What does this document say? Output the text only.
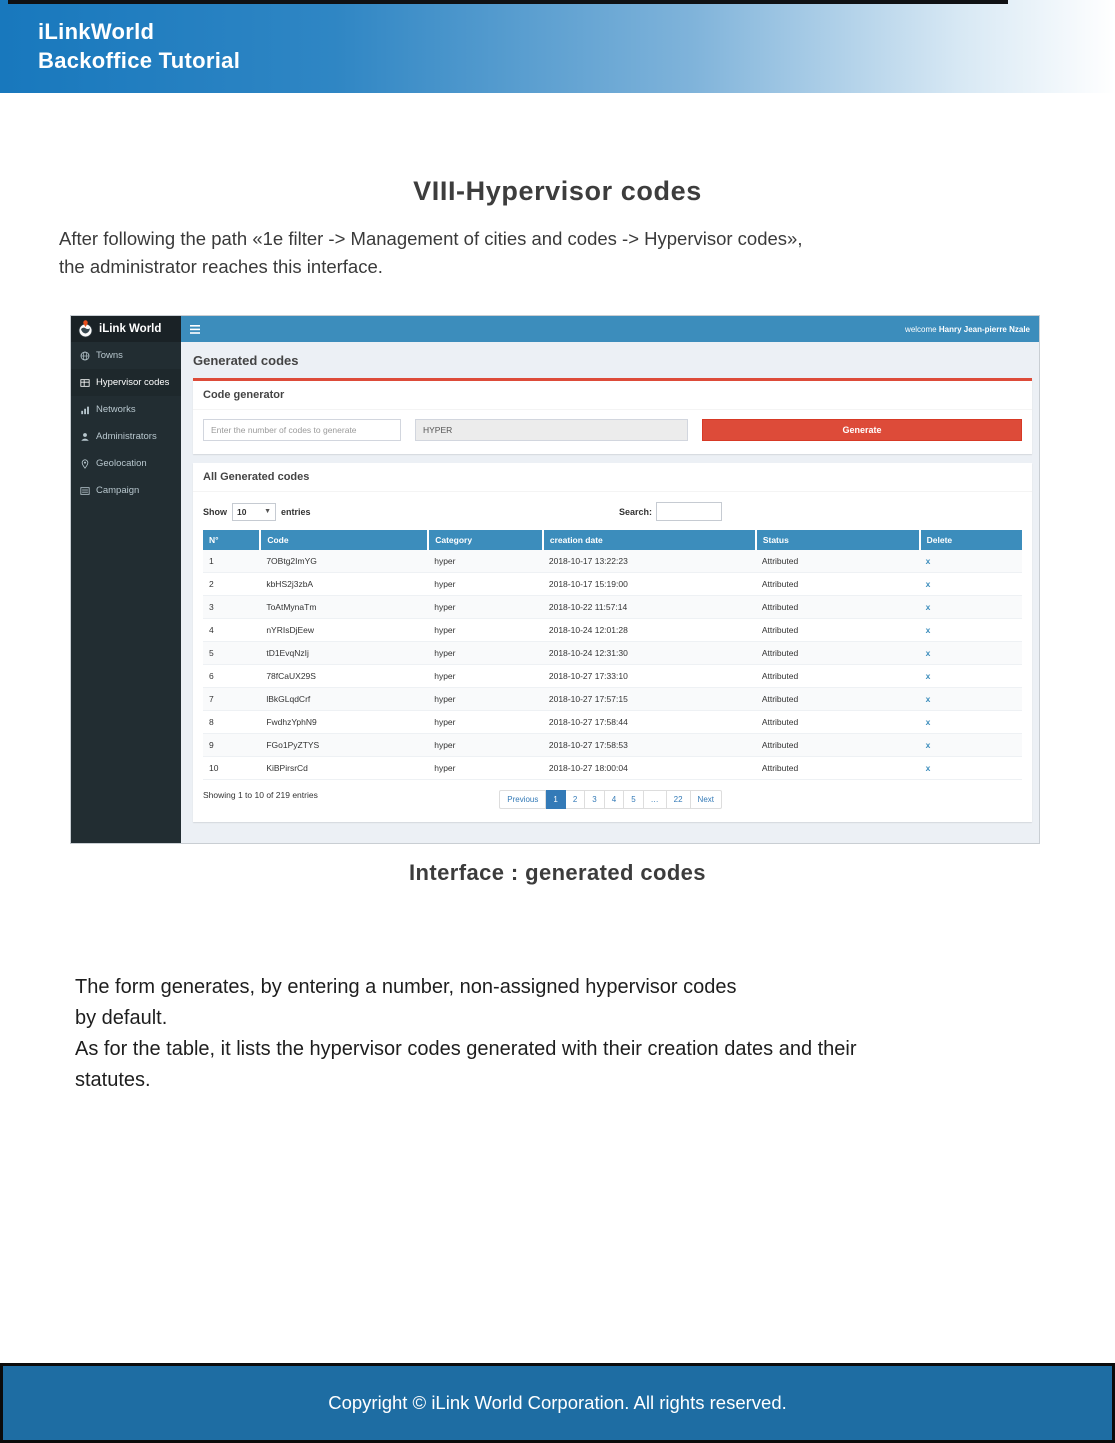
iLinkWorld
Backoffice Tutorial
VIII-Hypervisor codes
After following the path «1e filter -> Management of cities and codes -> Hypervisor codes»,
the administrator reaches this interface.
iLink World	welcome Hanry Jean-pierre Nzale
Towns
Hypervisor codes
Networks
Administrators
Geolocation
Campaign
Generated codes
Code generator
Enter the number of codes to generate
HYPER
Generate
All Generated codes
Show 10	▼ entries	Search:
N°	Code	Category	creation date	Status	Delete
1	7OBtg2ImYG	hyper	2018-10-17 13:22:23	Attributed	x
2	kbHS2j3zbA	hyper	2018-10-17 15:19:00	Attributed	x
3	ToAtMynaTm	hyper	2018-10-22 11:57:14	Attributed	x
4	nYRIsDjEew	hyper	2018-10-24 12:01:28	Attributed	x
5	tD1EvqNzIj	hyper	2018-10-24 12:31:30	Attributed	x
6	78fCaUX29S	hyper	2018-10-27 17:33:10	Attributed	x
7	lBkGLqdCrf	hyper	2018-10-27 17:57:15	Attributed	x
8	FwdhzYphN9	hyper	2018-10-27 17:58:44	Attributed	x
9	FGo1PyZTYS	hyper	2018-10-27 17:58:53	Attributed	x
10	KiBPirsrCd	hyper	2018-10-27 18:00:04	Attributed	x
Showing 1 to 10 of 219 entries	Previous	1	2	3	4	5	…	22	Next
Interface : generated codes
The form generates, by entering a number, non-assigned hypervisor codes
by default.
As for the table, it lists the hypervisor codes generated with their creation dates and their
statutes.
Copyright © iLink World Corporation. All rights reserved.
